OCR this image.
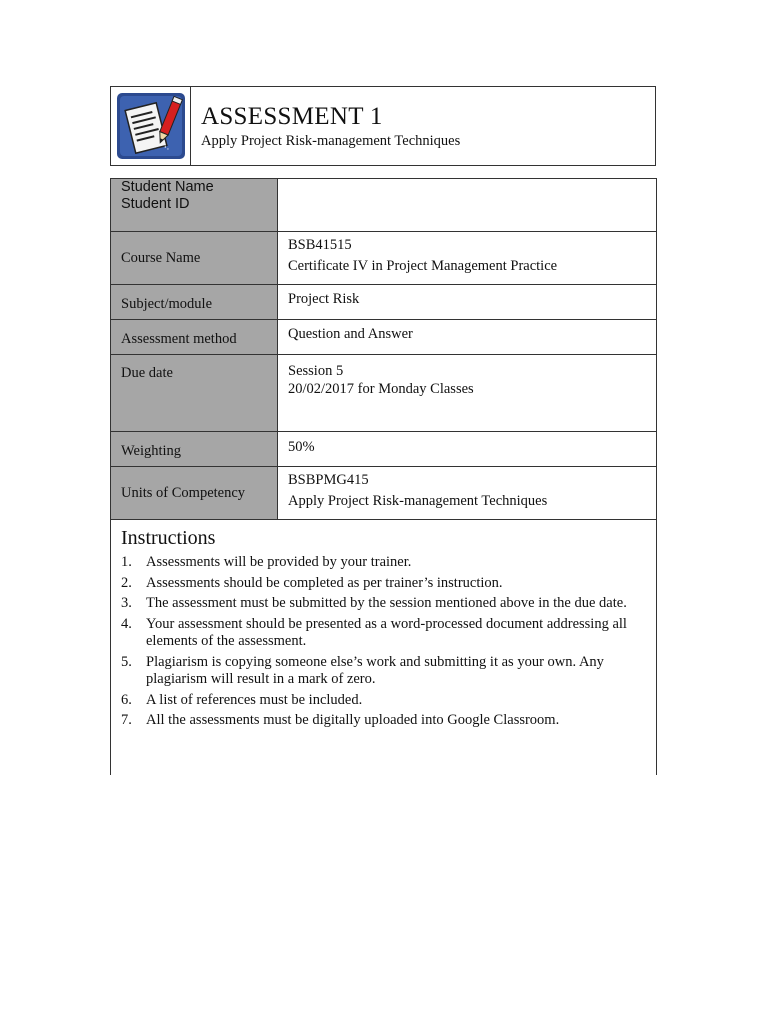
'·
ASSESSMENT 1
Apply Project Risk-management Techniques
Student Name
Student ID	

Course Name	BSB41515
Certificate IV in Project Management Practice

Subject/module	Project Risk
Assessment method	Question and Answer
Due date	Session 5
20/02/2017 for Monday Classes

Weighting	50%
Units of Competency	BSBPMG415
Apply Project Risk-management Techniques
Instructions
1. Assessments will be provided by your trainer.
2. Assessments should be completed as per trainer’s instruction.
3. The assessment must be submitted by the session mentioned above in the due date.
4. Your assessment should be presented as a word-processed document addressing all elements of the assessment.
5. Plagiarism is copying someone else’s work and submitting it as your own. Any plagiarism will result in a mark of zero.
6. A list of references must be included.
7. All the assessments must be digitally uploaded into Google Classroom.
